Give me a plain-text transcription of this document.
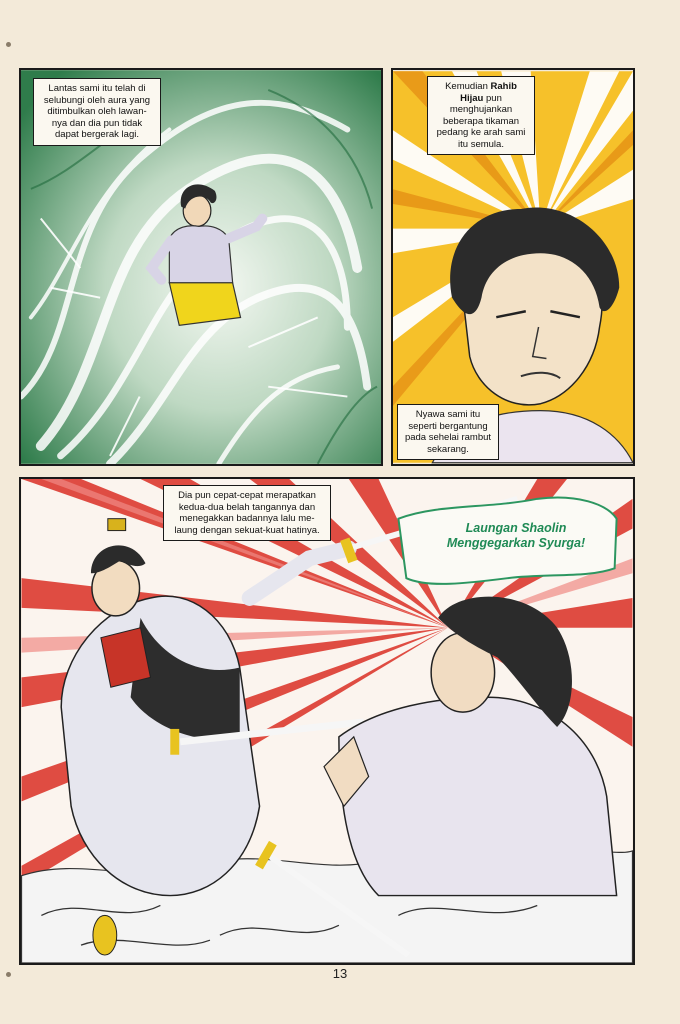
Lantas sami itu telah di selubungi oleh aura yang ditimbulkan oleh lawan-nya dan dia pun tidak dapat bergerak lagi.
Kemudian Rahib Hijau pun menghujankan beberapa tikaman pedang ke arah sami itu semula.
Nyawa sami itu seperti bergantung pada sehelai rambut sekarang.
Dia pun cepat-cepat merapatkan kedua-dua belah tangannya dan menegakkan badannya lalu me-laung dengan sekuat-kuat hatinya.	Laungan Shaolin
Menggegarkan Syurga!
13
